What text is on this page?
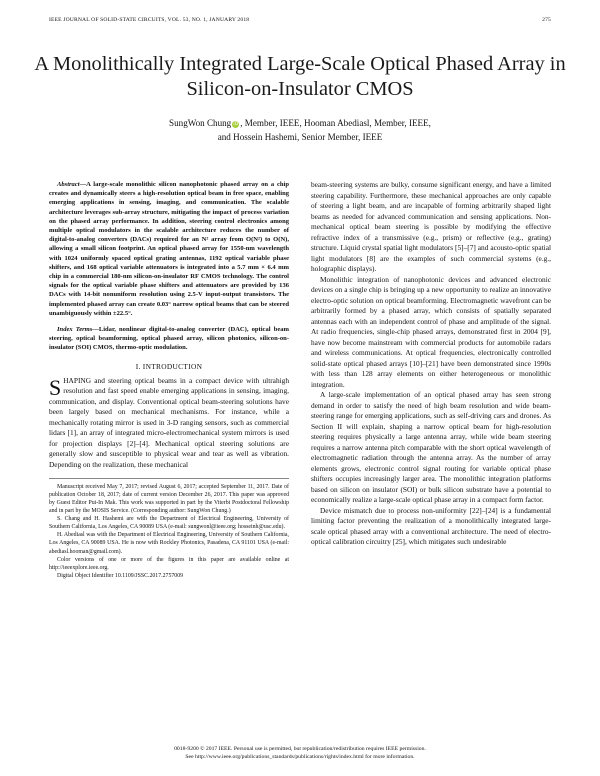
IEEE JOURNAL OF SOLID-STATE CIRCUITS, VOL. 53, NO. 1, JANUARY 2018	275
A Monolithically Integrated Large-Scale Optical Phased Array in Silicon-on-Insulator CMOS
SungWon Chung iD , Member, IEEE, Hooman Abediasl, Member, IEEE,
and Hossein Hashemi, Senior Member, IEEE

Abstract—A large-scale monolithic silicon nanophotonic phased array on a chip creates and dynamically steers a high-resolution optical beam in free space, enabling emerging applications in sensing, imaging, and communication. The scalable architecture leverages sub-array structure, mitigating the impact of process variation on the phased array performance. In addition, steering control electronics among multiple optical modulators in the scalable architecture reduces the number of digital-to-analog converters (DACs) required for an N² array from O(N²) to O(N), allowing a small silicon footprint. An optical phased array for 1550-nm wavelength with 1024 uniformly spaced optical grating antennas, 1192 optical variable phase shifters, and 168 optical variable attenuators is integrated into a 5.7 mm × 6.4 mm chip in a commercial 180-nm silicon-on-insulator RF CMOS technology. The control signals for the optical variable phase shifters and attenuators are provided by 136 DACs with 14-bit nonuniform resolution using 2.5-V input-output transistors. The implemented phased array can create 0.03° narrow optical beams that can be steered unambiguously within ±22.5°.

Index Terms—Lidar, nonlinear digital-to-analog converter (DAC), optical beam steering, optical beamforming, optical phased array, silicon photonics, silicon-on-insulator (SOI) CMOS, thermo-optic modulation.

I. INTRODUCTION

SHAPING and steering optical beams in a compact device with ultrahigh resolution and fast speed enable emerging applications in sensing, imaging, communication, and display. Conventional optical beam-steering solutions have been largely based on mechanical mechanisms. For instance, while a mechanically rotating mirror is used in 3-D ranging sensors, such as commercial lidars [1], an array of integrated micro-electromechanical system mirrors is used for projection displays [2]–[4]. Mechanical optical steering solutions are generally slow and susceptible to physical wear and tear as well as vibration. Depending on the realization, these mechanical

Manuscript received May 7, 2017; revised August 6, 2017; accepted September 11, 2017. Date of publication October 18, 2017; date of current version December 26, 2017. This paper was approved by Guest Editor Pui-In Mak. This work was supported in part by the Viterbi Postdoctoral Fellowship and in part by the MOSIS Service. (Corresponding author: SungWon Chung.)

S. Chang and H. Hashemi are with the Department of Electrical Engineering, University of Southern California, Los Angeles, CA 90089 USA (e-mail: sungwonl@ieee.org; hosseinh@usc.edu).

H. Abediasl was with the Department of Electrical Engineering, University of Southern California, Los Angeles, CA 90089 USA. He is now with Rockley Photonics, Pasadena, CA 91101 USA (e-mail: abediasl.hooman@gmail.com).

Color versions of one or more of the figures in this paper are available online at http://ieeexplore.ieee.org.

Digital Object Identifier 10.1109/JSSC.2017.2757009

beam-steering systems are bulky, consume significant energy, and have a limited steering capability. Furthermore, these mechanical approaches are only capable of steering a light beam, and are incapable of forming arbitrarily shaped light beams as needed for advanced communication and sensing applications. Non-mechanical optical beam steering is possible by modifying the effective refractive index of a transmissive (e.g., prism) or reflective (e.g., grating) structure. Liquid crystal spatial light modulators [5]–[7] and acousto-optic spatial light modulators [8] are the examples of such commercial systems (e.g., holographic displays).

Monolithic integration of nanophotonic devices and advanced electronic devices on a single chip is bringing up a new opportunity to realize an innovative electro-optic solution on optical beamforming. Electromagnetic wavefront can be arbitrarily formed by a phased array, which consists of spatially separated antennas each with an independent control of phase and amplitude of the signal. At radio frequencies, single-chip phased arrays, demonstrated first in 2004 [9], have now become mainstream with commercial products for automobile radars and wireless communications. At optical frequencies, electronically controlled solid-state optical phased arrays [10]–[21] have been demonstrated since 1990s with less than 128 array elements on either heterogeneous or monolithic integration.

A large-scale implementation of an optical phased array has seen strong demand in order to satisfy the need of high beam resolution and wide beam-steering range for emerging applications, such as self-driving cars and drones. As Section II will explain, shaping a narrow optical beam for high-resolution steering requires physically a large antenna array, while wide beam steering requires a narrow antenna pitch comparable with the short optical wavelength of electromagnetic radiation through the antenna array. As the number of array elements grows, electronic control signal routing for variable optical phase shifters occupies increasingly larger area. The monolithic integration platforms based on silicon on insulator (SOI) or bulk silicon substrate have a potential to economically realize a large-scale optical phase array in a compact form factor.

Device mismatch due to process non-uniformity [22]–[24] is a fundamental limiting factor preventing the realization of a monolithically integrated large-scale optical phased array with a conventional architecture. The need of electro-optical calibration circuitry [25], which mitigates such undesirable

0018-9200 © 2017 IEEE. Personal use is permitted, but republication/redistribution requires IEEE permission.
See http://www.ieee.org/publications_standards/publications/rights/index.html for more information.
